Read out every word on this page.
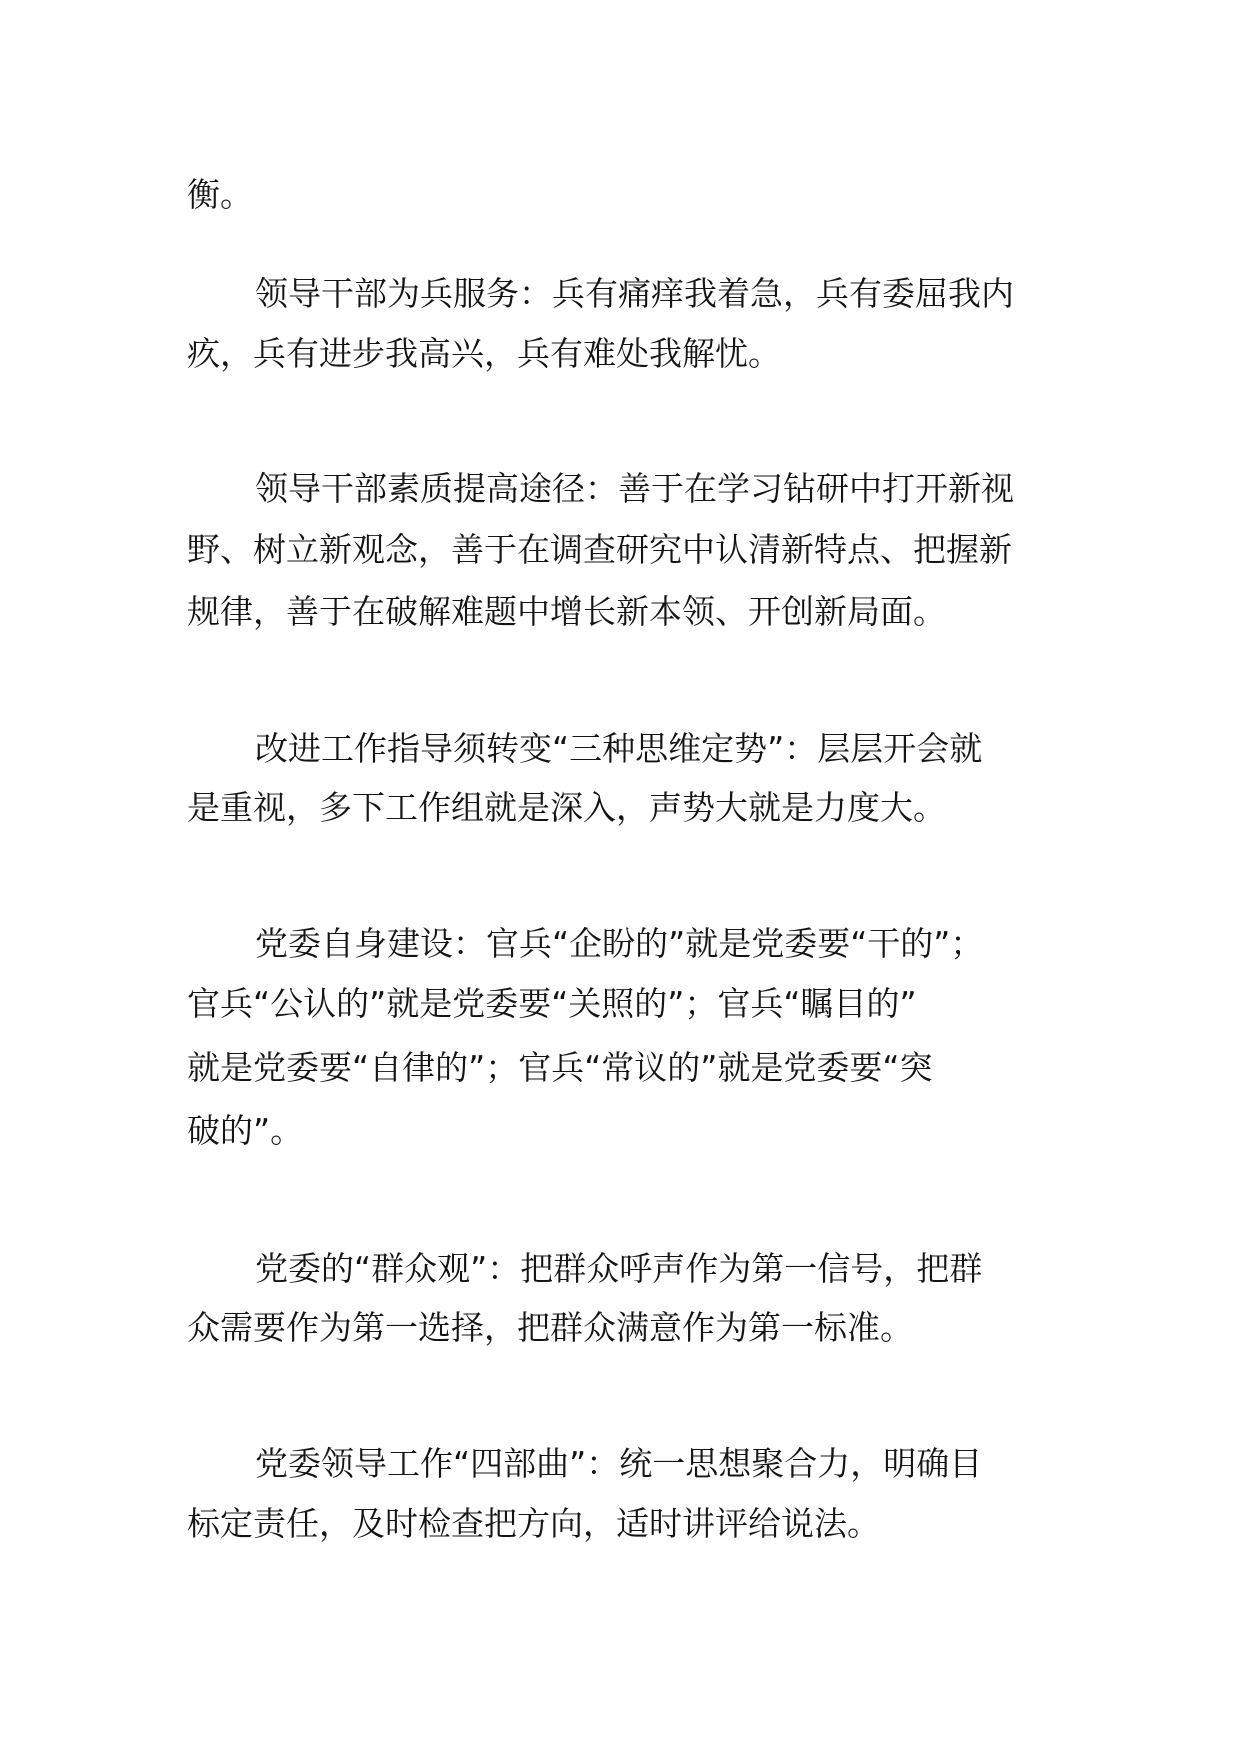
衡。
领导干部为兵服务：兵有痛痒我着急，兵有委屈我内
疚，兵有进步我高兴，兵有难处我解忧。
领导干部素质提高途径：善于在学习钻研中打开新视
野、树立新观念，善于在调查研究中认清新特点、把握新
规律，善于在破解难题中增长新本领、开创新局面。
改进工作指导须转变“三种思维定势”：层层开会就
是重视，多下工作组就是深入，声势大就是力度大。
党委自身建设：官兵“企盼的”就是党委要“干的”；
官兵“公认的”就是党委要“关照的”；官兵“瞩目的”
就是党委要“自律的”；官兵“常议的”就是党委要“突
破的”。
党委的“群众观”：把群众呼声作为第一信号，把群
众需要作为第一选择，把群众满意作为第一标准。
党委领导工作“四部曲”：统一思想聚合力，明确目
标定责任，及时检查把方向，适时讲评给说法。
